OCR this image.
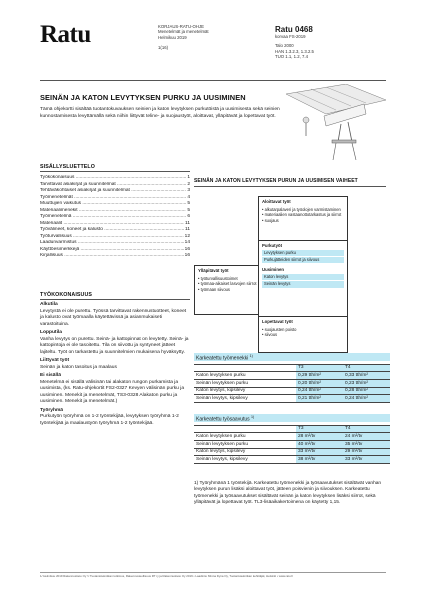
Ratu	KORJAUS-RATU-OHJE
Menetelmät ja menetelmät
Helmikuu 2019
1(16)
Ratu 0468
korvaa FS-2019
Talo 2000
HAN 1.3.2.3, 1.3.2.5
TUO 1.1, 1.2, 7.4
SEINÄN JA KATON LEVYTYKSEN PURKU JA UUSIMINEN
Tämä ohjekortti sisältää tuotantokuvauksen seinien ja katon levytyksen purkutöistä ja uusimisesta sekä seinien kunnostamisesta levyttämällä sekä niihin liittyvät teline- ja suojaustyöt, aloittavat, ylläpitävät ja lopettavat työt.
SISÄLLYSLUETTELO
Työkokonaisuus .....	1
Tarvittavat asiakirjat ja suunnitelmat .....	2
Tehtäväkohtaiset asiakirjat ja suunnitelmat .....	3
Työmenetelmät .....	4
Muuttujien vaikutus .....	5
Materiaalimenekit .....	5
Työmenetelmä .....	6
Materiaalit .....	11
Työvälineet, koneet ja kalusto .....	11
Työturvallisuus .....	12
Laadunvarmistus .....	14
Käyttöesimerkkejä .....	16
Kirjallisuus .....	16
TYÖKOKONAISUUS
Alkutila
Levytystä ei ole purettu. Työssä tarvittavat rakennustuotteet, koneet ja kalusto ovat työmaalla käytettävissä ja asianmukaiseti varastoituina.
Lopputila
Vanha levytys on purettu. Seinä- ja kattopinnat on levytetty. Seinä- ja kattopintoja ei ole tasoitettu. Tila on siivottu ja syntyneet jätteet lajiteltu. Työt on tarkastettu ja suunnitelmien mukaisena hyväksytty.
Liittyvät työt
Seinän ja katon tasoitus ja maalaus
Ei sisällä
Menetelmä ei sisällä välisinän tai alakaton rungon purkamista ja uusimista, (ks. Ratu-ohjekortit FS2-0327 Kevyen välisinän purku ja uusiminen. Menekit ja menetelmät, TS3-0328 Alakaton purku ja uusiminen. Menekit ja menetelmät.)
Työryhmä
Purkutyön työryhmä on 1-2 työntekijää, levytyksen työryhmä 1-2 työntekijää ja maalaustyön työryhmä 1-2 työntekijää.
SEINÄN JA KATON LEVYTYKSEN PURUN JA UUSIMISEN VAIHEET
Aloittavat työt
• alkutarpalaveri ja työolojen varmistaminen
• materiaalien vastaanottotarkastus ja siirrot
• suojaus
Ylläpitävät työt
• työturvallisuustoimet
• työmaa-aikaiset lasvojen siirrot
• työmaan siivous
Purkutyöt
Levytyksen purku
Purkujätteiden siirrot ja siivous
Uusiminen
Katon levytys
Seinän levytys
Lopettavat työt
• suojausten poisto
• siivous
Karkeatettu työmenekki $^{1)}$
	T3	T4
Katon levytyksen purku	0,29 tth/m²	0,33 tth/m²
Seinän levytyksen purku	0,20 tth/m²	0,23 tth/m²
Katon levytys, kipsilevy	0,24 tth/m²	0,28 tth/m²
Seinän levytys, kipsilevy	0,21 tth/m²	0,24 tth/m²
Karkeatettu työsaavutus $^{1)}$
	T3	T4
Katon levytyksen purku	28 m²/tv	24 m²/tv
Seinän levytyksen purku	40 m²/tv	35 m²/tv
Katon levytys, kipsilevy	33 m²/tv	29 m²/tv
Seinän levytys, kipsilevy	38 m²/tv	33 m²/tv
1) Työryhmänä 1 työntekijä. Karkeatettu työmenekki ja työsaavutukset sisältävät vanhan levytyksen purun lisäksi aloittavat työt, jätteen poisvienin ja siivouksen. Karkeatettu työmenekki ja työsaavutukset sisältävät seinän ja katon levytyksen lisäksi siirrot, sekä ylläpitävät ja lopettavat työt. TL3-lisäaikakertoimena on käytetty 1,15.
1/ Helmikuu 2019 Rakennustieto Oy © Tuotantotekniikan tutkimus, Rakennusteollisuus RT ry ja Rakennustieto Oy 2019 • Laadinta: Minna Dyna Oy, Tuotantotekniikan kehittäjät, Helsinki • www.ratu.fi
